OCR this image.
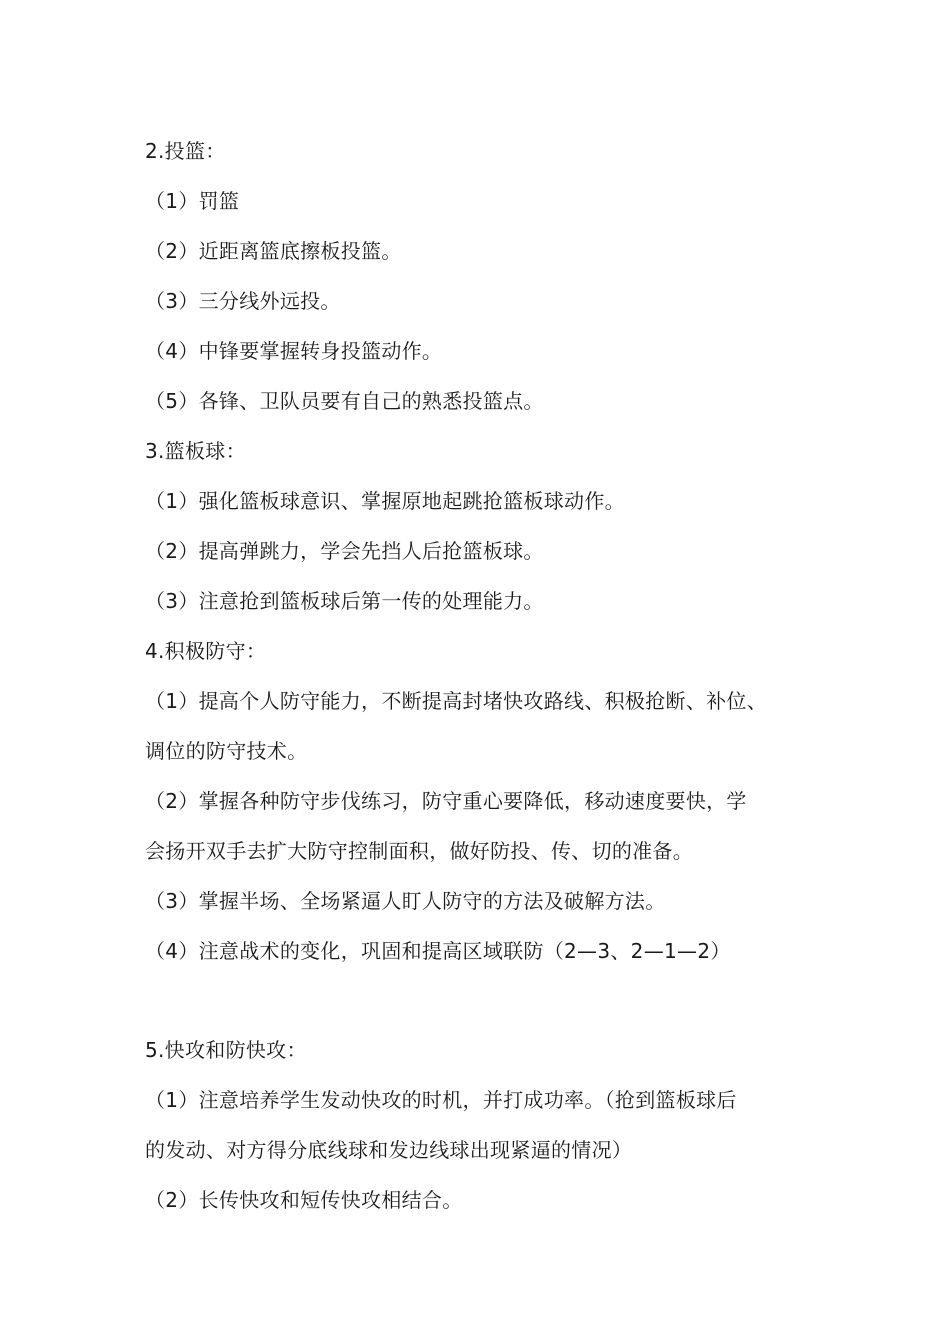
2.投篮：
（1）罚篮
（2）近距离篮底擦板投篮。
（3）三分线外远投。
（4）中锋要掌握转身投篮动作。
（5）各锋、卫队员要有自己的熟悉投篮点。
3.篮板球：
（1）强化篮板球意识、掌握原地起跳抢篮板球动作。
（2）提高弹跳力，学会先挡人后抢篮板球。
（3）注意抢到篮板球后第一传的处理能力。
4.积极防守：
（1）提高个人防守能力，不断提高封堵快攻路线、积极抢断、补位、
调位的防守技术。
（2）掌握各种防守步伐练习，防守重心要降低，移动速度要快，学
会扬开双手去扩大防守控制面积，做好防投、传、切的准备。
（3）掌握半场、全场紧逼人盯人防守的方法及破解方法。
（4）注意战术的变化，巩固和提高区域联防（2—3、2—1—2）
5.快攻和防快攻：
（1）注意培养学生发动快攻的时机，并打成功率。（抢到篮板球后
的发动、对方得分底线球和发边线球出现紧逼的情况）
（2）长传快攻和短传快攻相结合。
